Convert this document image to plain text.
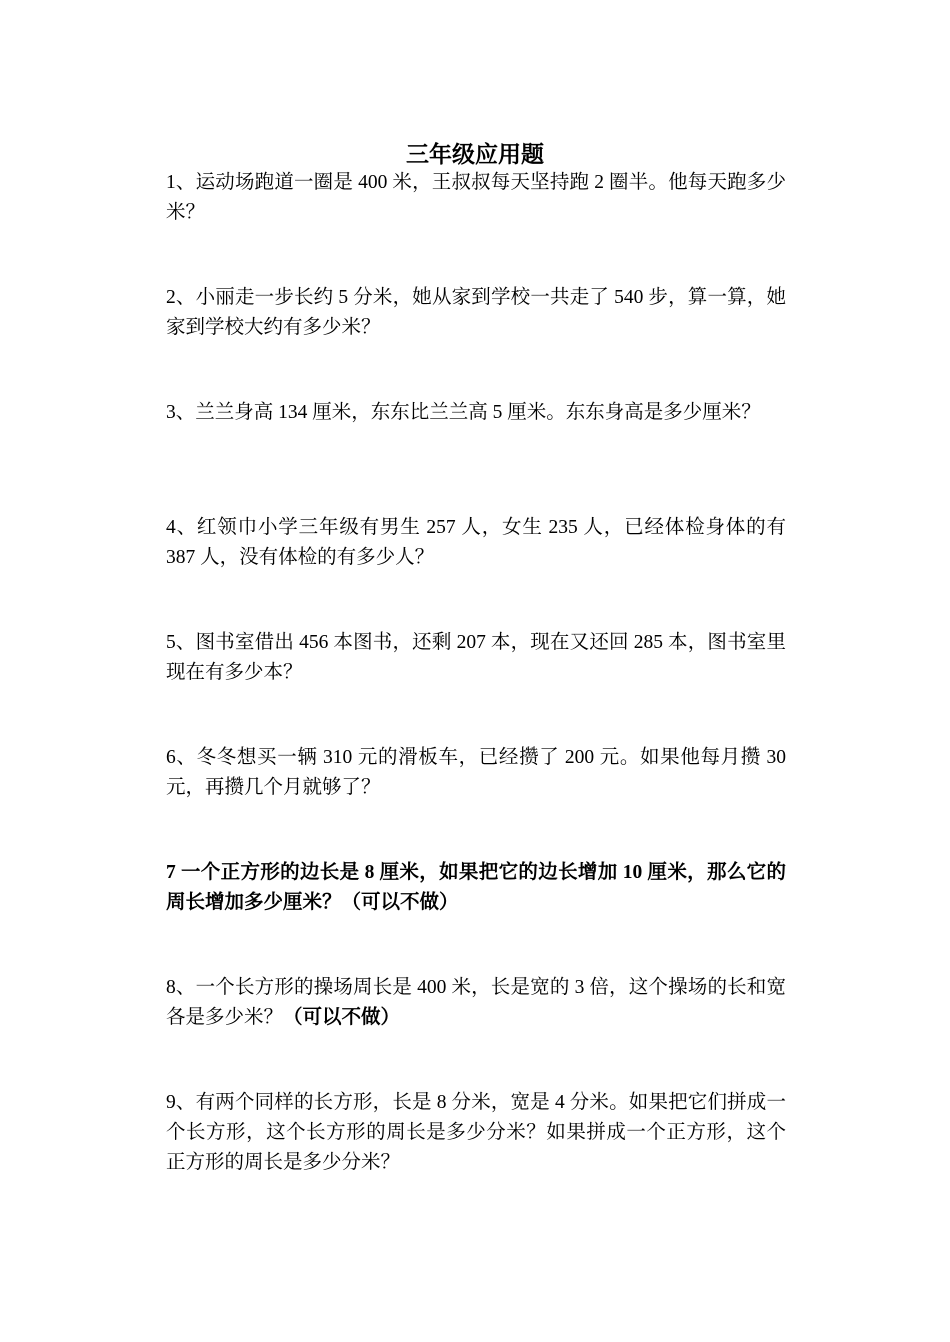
三年级应用题

1、运动场跑道一圈是 400 米，王叔叔每天坚持跑 2 圈半。他每天跑多少米？

2、小丽走一步长约 5 分米，她从家到学校一共走了 540 步，算一算，她家到学校大约有多少米？

3、兰兰身高 134 厘米，东东比兰兰高 5 厘米。东东身高是多少厘米？

4、红领巾小学三年级有男生 257 人，女生 235 人，已经体检身体的有 387 人，没有体检的有多少人？

5、图书室借出 456 本图书，还剩 207 本，现在又还回 285 本，图书室里现在有多少本？

6、冬冬想买一辆 310 元的滑板车，已经攒了 200 元。如果他每月攒 30 元，再攒几个月就够了？

7 一个正方形的边长是 8 厘米，如果把它的边长增加 10 厘米，那么它的周长增加多少厘米？（可以不做）

8、一个长方形的操场周长是 400 米，长是宽的 3 倍，这个操场的长和宽各是多少米？（可以不做）

9、有两个同样的长方形，长是 8 分米，宽是 4 分米。如果把它们拼成一个长方形，这个长方形的周长是多少分米？如果拼成一个正方形，这个正方形的周长是多少分米？
